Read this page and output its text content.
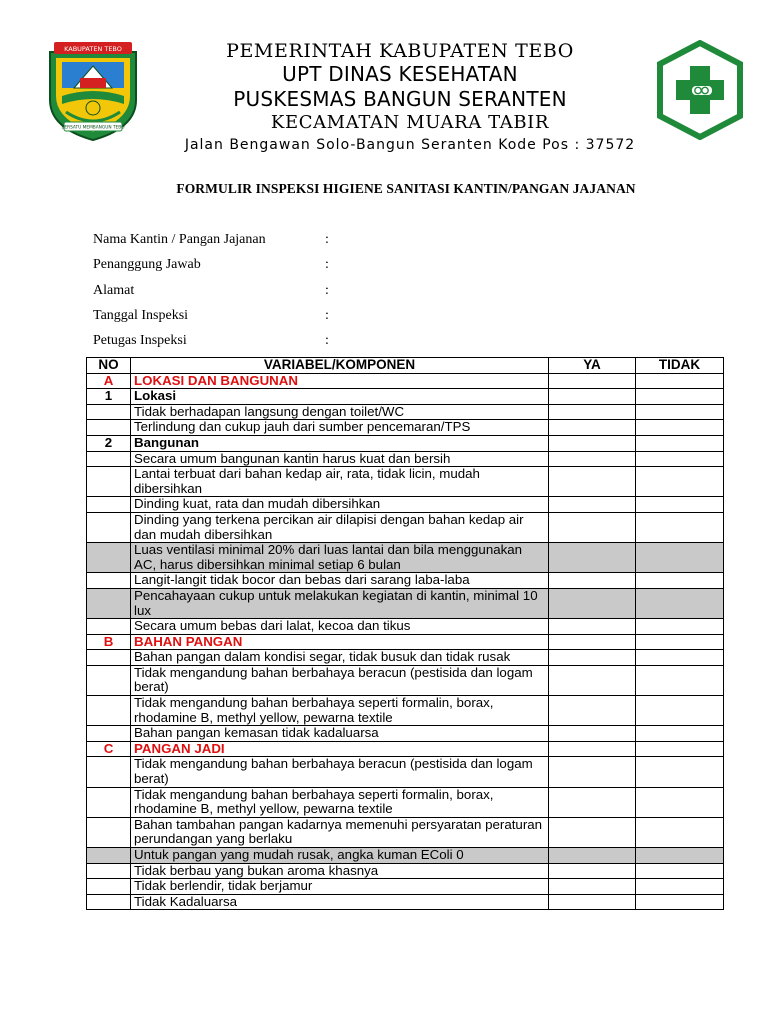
KABUPATEN TEBO
BERSATU MEMBANGUN TEBO
PEMERINTAH KABUPATEN TEBO
UPT DINAS KESEHATAN
PUSKESMAS BANGUN SERANTEN
KECAMATAN MUARA TABIR
Jalan Bengawan Solo-Bangun Seranten Kode Pos : 37572
FORMULIR INSPEKSI HIGIENE SANITASI KANTIN/PANGAN JAJANAN
Nama Kantin / Pangan Jajanan	:
Penanggung Jawab	:
Alamat	:
Tanggal Inspeksi	:
Petugas Inspeksi	:
NO	VARIABEL/KOMPONEN	YA	TIDAK
A	LOKASI DAN BANGUNAN		
1	Lokasi		
	Tidak berhadapan langsung dengan toilet/WC		
	Terlindung dan cukup jauh dari sumber pencemaran/TPS		
2	Bangunan		
	Secara umum bangunan kantin harus kuat dan bersih		
	Lantai terbuat dari bahan kedap air, rata, tidak licin, mudah dibersihkan		
	Dinding kuat, rata dan mudah dibersihkan		
	Dinding yang terkena percikan air dilapisi dengan bahan kedap air dan mudah dibersihkan		
	Luas ventilasi minimal 20% dari luas lantai dan bila menggunakan AC, harus dibersihkan minimal setiap 6 bulan		
	Langit-langit tidak bocor dan bebas dari sarang laba-laba		
	Pencahayaan cukup untuk melakukan kegiatan di kantin, minimal 10 lux		
	Secara umum bebas dari lalat, kecoa dan tikus		
B	BAHAN PANGAN		
	Bahan pangan dalam kondisi segar, tidak busuk dan tidak rusak		
	Tidak mengandung bahan berbahaya beracun (pestisida dan logam berat)		
	Tidak mengandung bahan berbahaya seperti formalin, borax, rhodamine B, methyl yellow, pewarna textile		
	Bahan pangan kemasan tidak kadaluarsa		
C	PANGAN JADI		
	Tidak mengandung bahan berbahaya beracun (pestisida dan logam berat)		
	Tidak mengandung bahan berbahaya seperti formalin, borax, rhodamine B, methyl yellow, pewarna textile		
	Bahan tambahan pangan kadarnya memenuhi persyaratan peraturan perundangan yang berlaku		
	Untuk pangan yang mudah rusak, angka kuman EColi 0		
	Tidak berbau yang bukan aroma khasnya		
	Tidak berlendir, tidak berjamur		
	Tidak Kadaluarsa		
